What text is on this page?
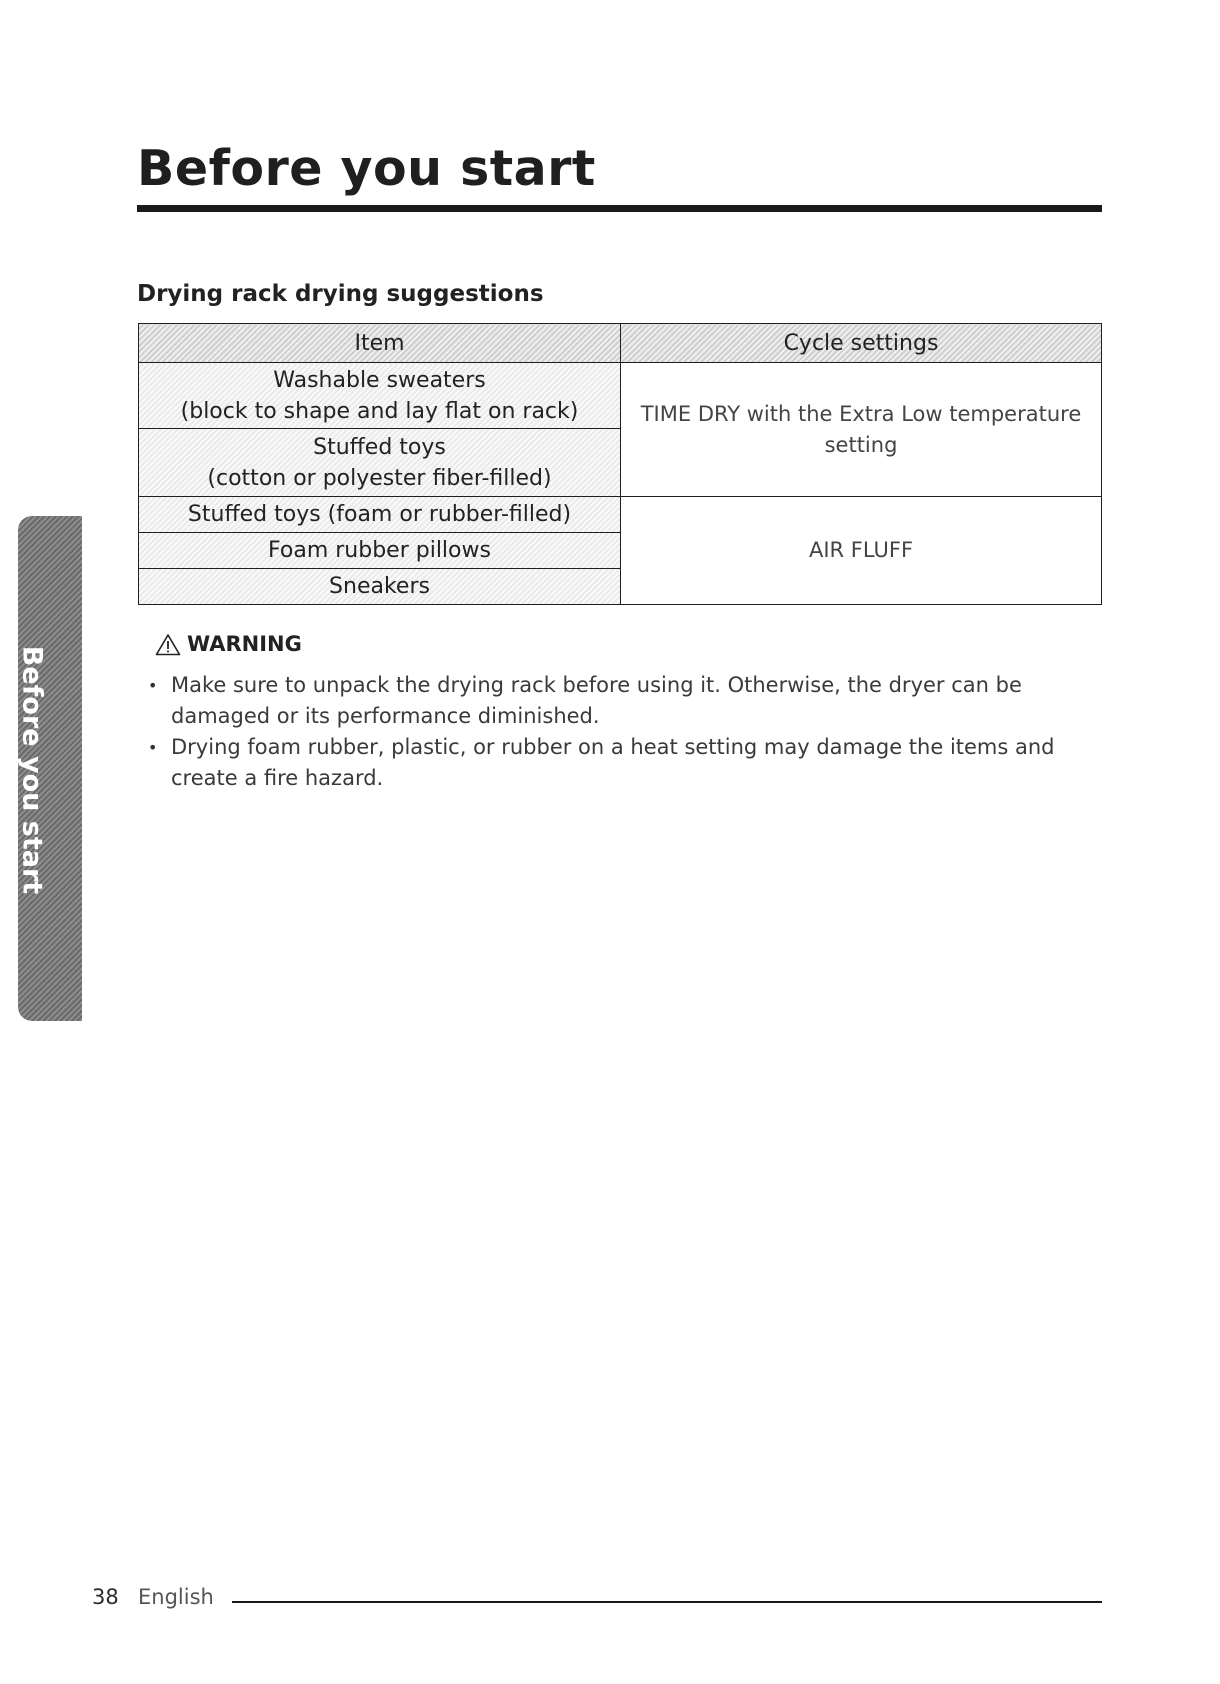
Before you start
Drying rack drying suggestions
Item	Cycle settings

Washable sweaters
(block to shape and lay flat on rack)	TIME DRY with the Extra Low temperature setting

Stuffed toys
(cotton or polyester fiber-filled)	

Stuffed toys (foam or rubber-filled)	AIR FLUFF
Foam rubber pillows	
Sneakers	
WARNING
• Make sure to unpack the drying rack before using it. Otherwise, the dryer can be damaged or its performance diminished.
• Drying foam rubber, plastic, or rubber on a heat setting may damage the items and create a fire hazard.
Before you start
38 English
